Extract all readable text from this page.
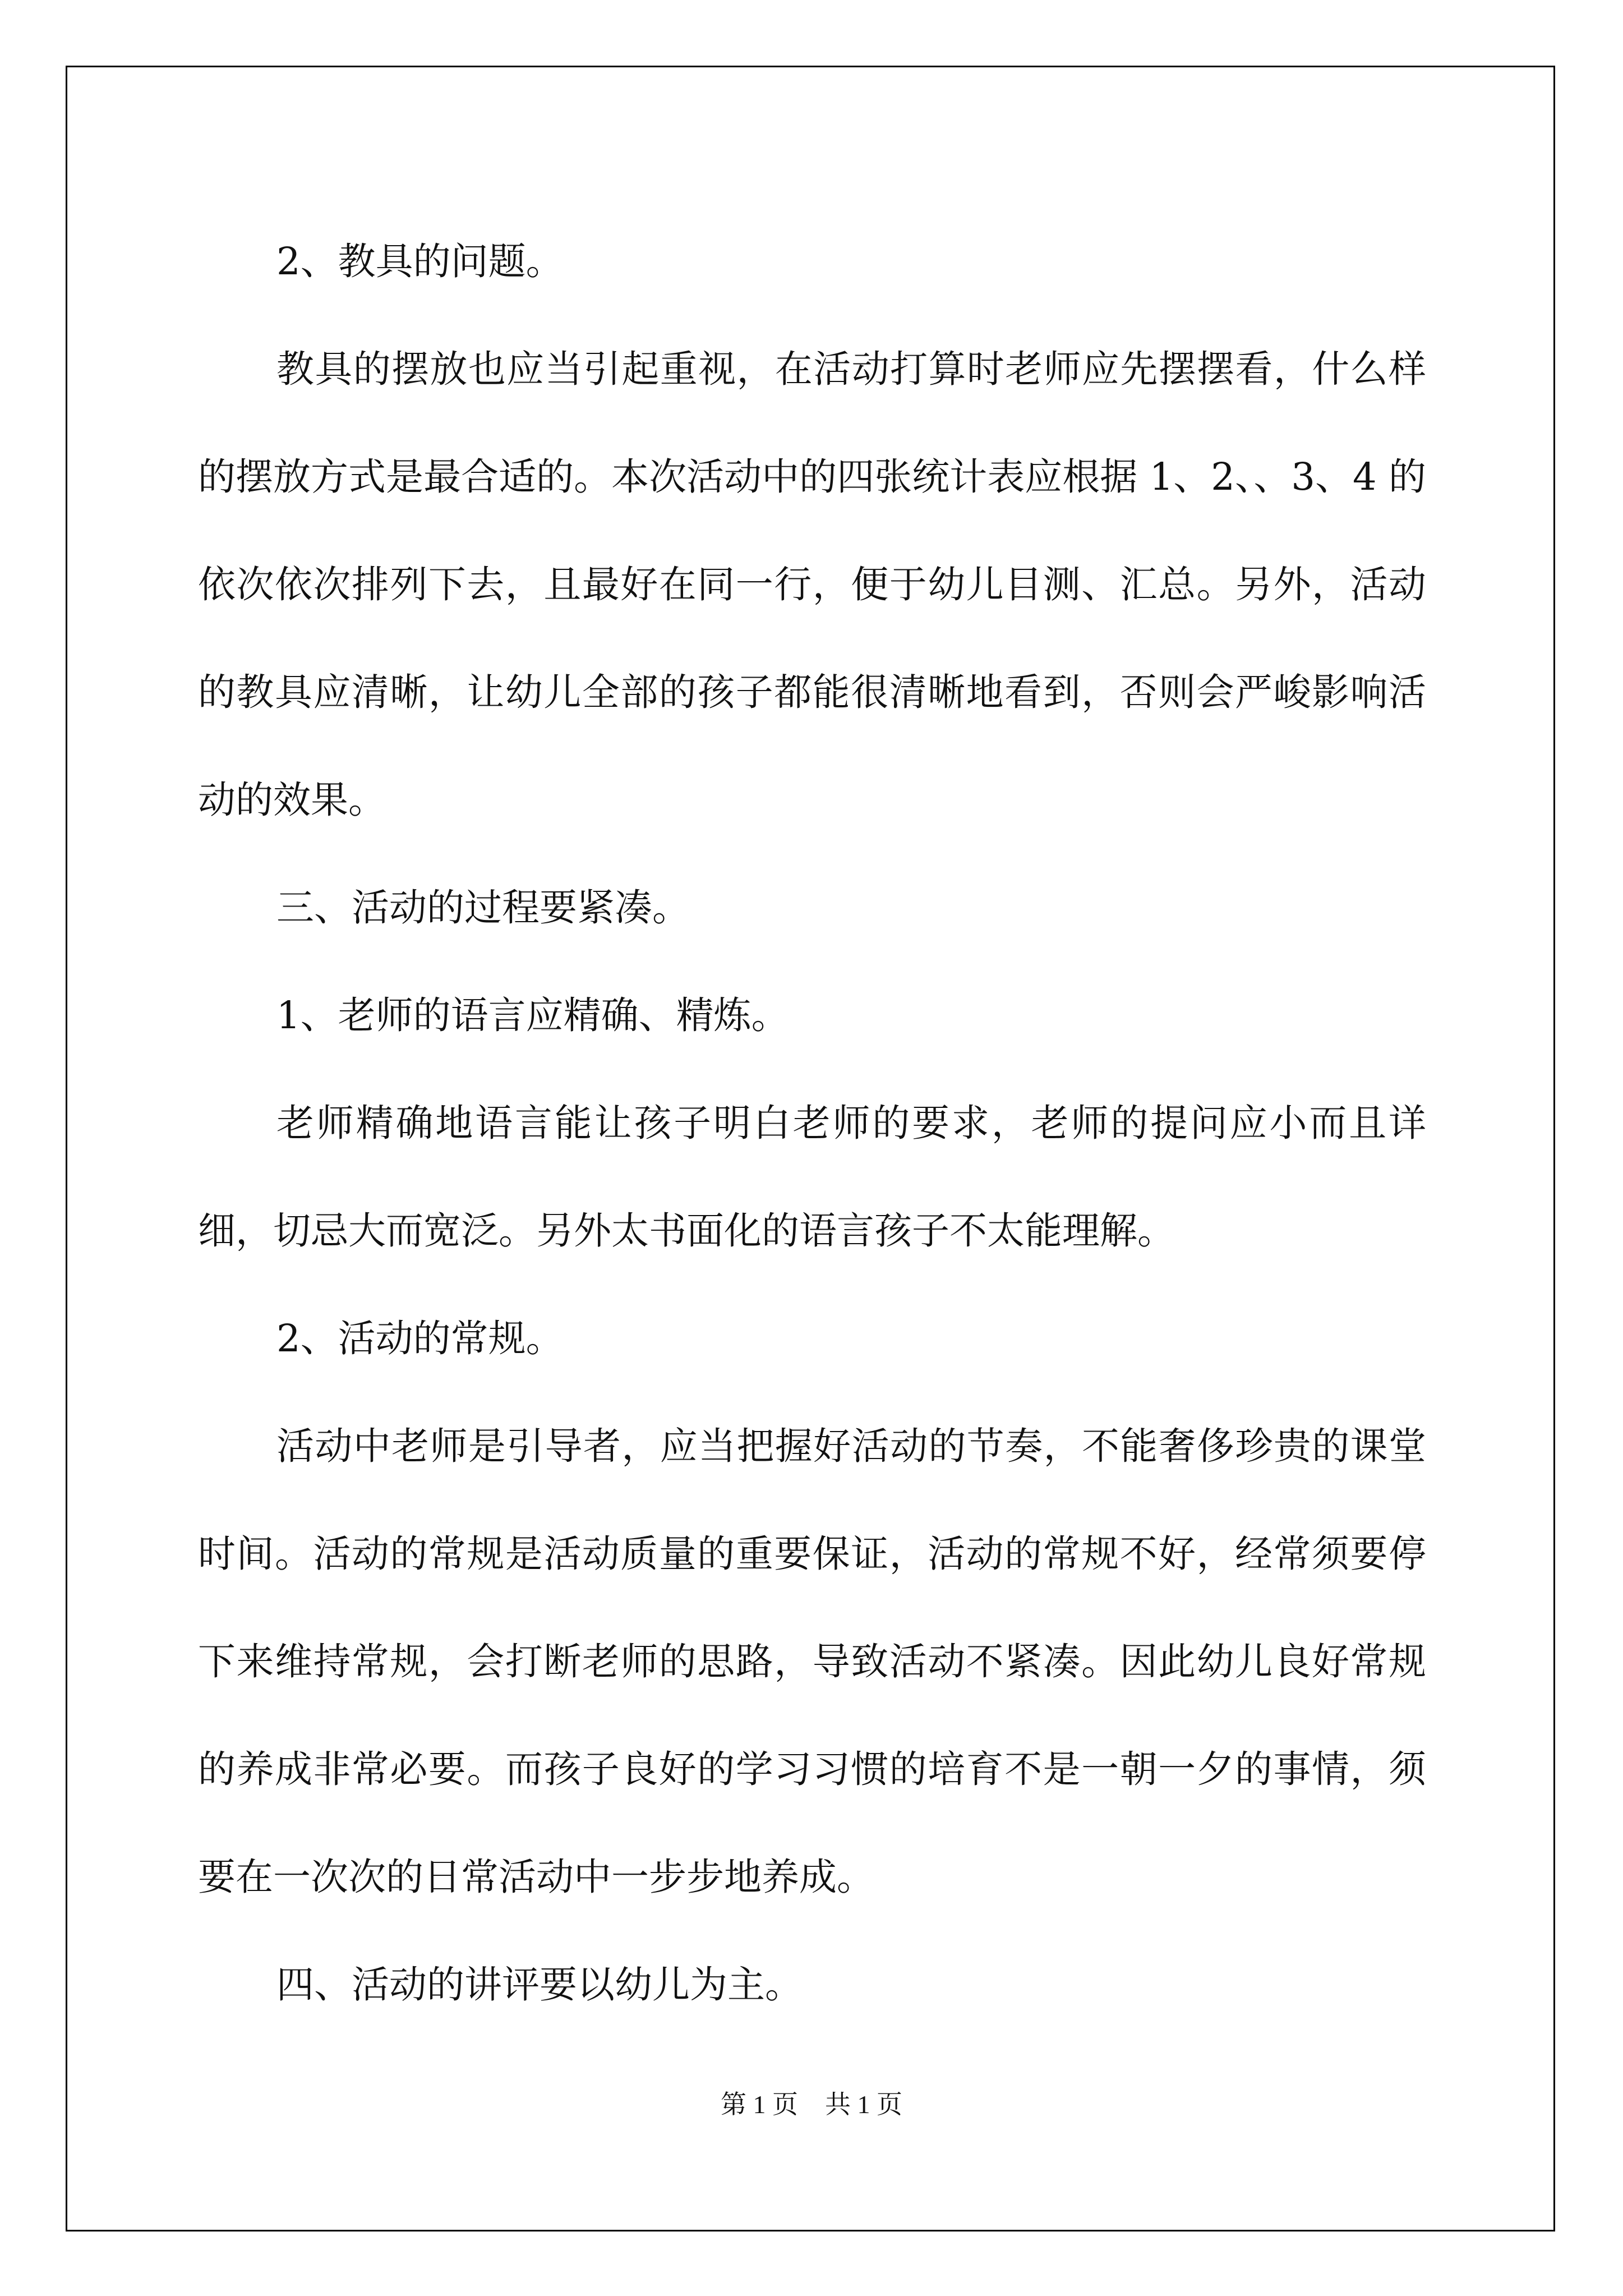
2、教具的问题。

教具的摆放也应当引起重视，在活动打算时老师应先摆摆看，什么样的摆放方式是最合适的。本次活动中的四张统计表应根据 1、2、、3、4 的依次依次排列下去，且最好在同一行，便于幼儿目测、汇总。另外，活动的教具应清晰，让幼儿全部的孩子都能很清晰地看到，否则会严峻影响活动的效果。

三、活动的过程要紧凑。

1、老师的语言应精确、精炼。

老师精确地语言能让孩子明白老师的要求，老师的提问应小而且详细，切忌大而宽泛。另外太书面化的语言孩子不太能理解。

2、活动的常规。

活动中老师是引导者，应当把握好活动的节奏，不能奢侈珍贵的课堂时间。活动的常规是活动质量的重要保证，活动的常规不好，经常须要停下来维持常规，会打断老师的思路，导致活动不紧凑。因此幼儿良好常规的养成非常必要。而孩子良好的学习习惯的培育不是一朝一夕的事情，须要在一次次的日常活动中一步步地养成。

四、活动的讲评要以幼儿为主。

第 1 页 共 1 页
